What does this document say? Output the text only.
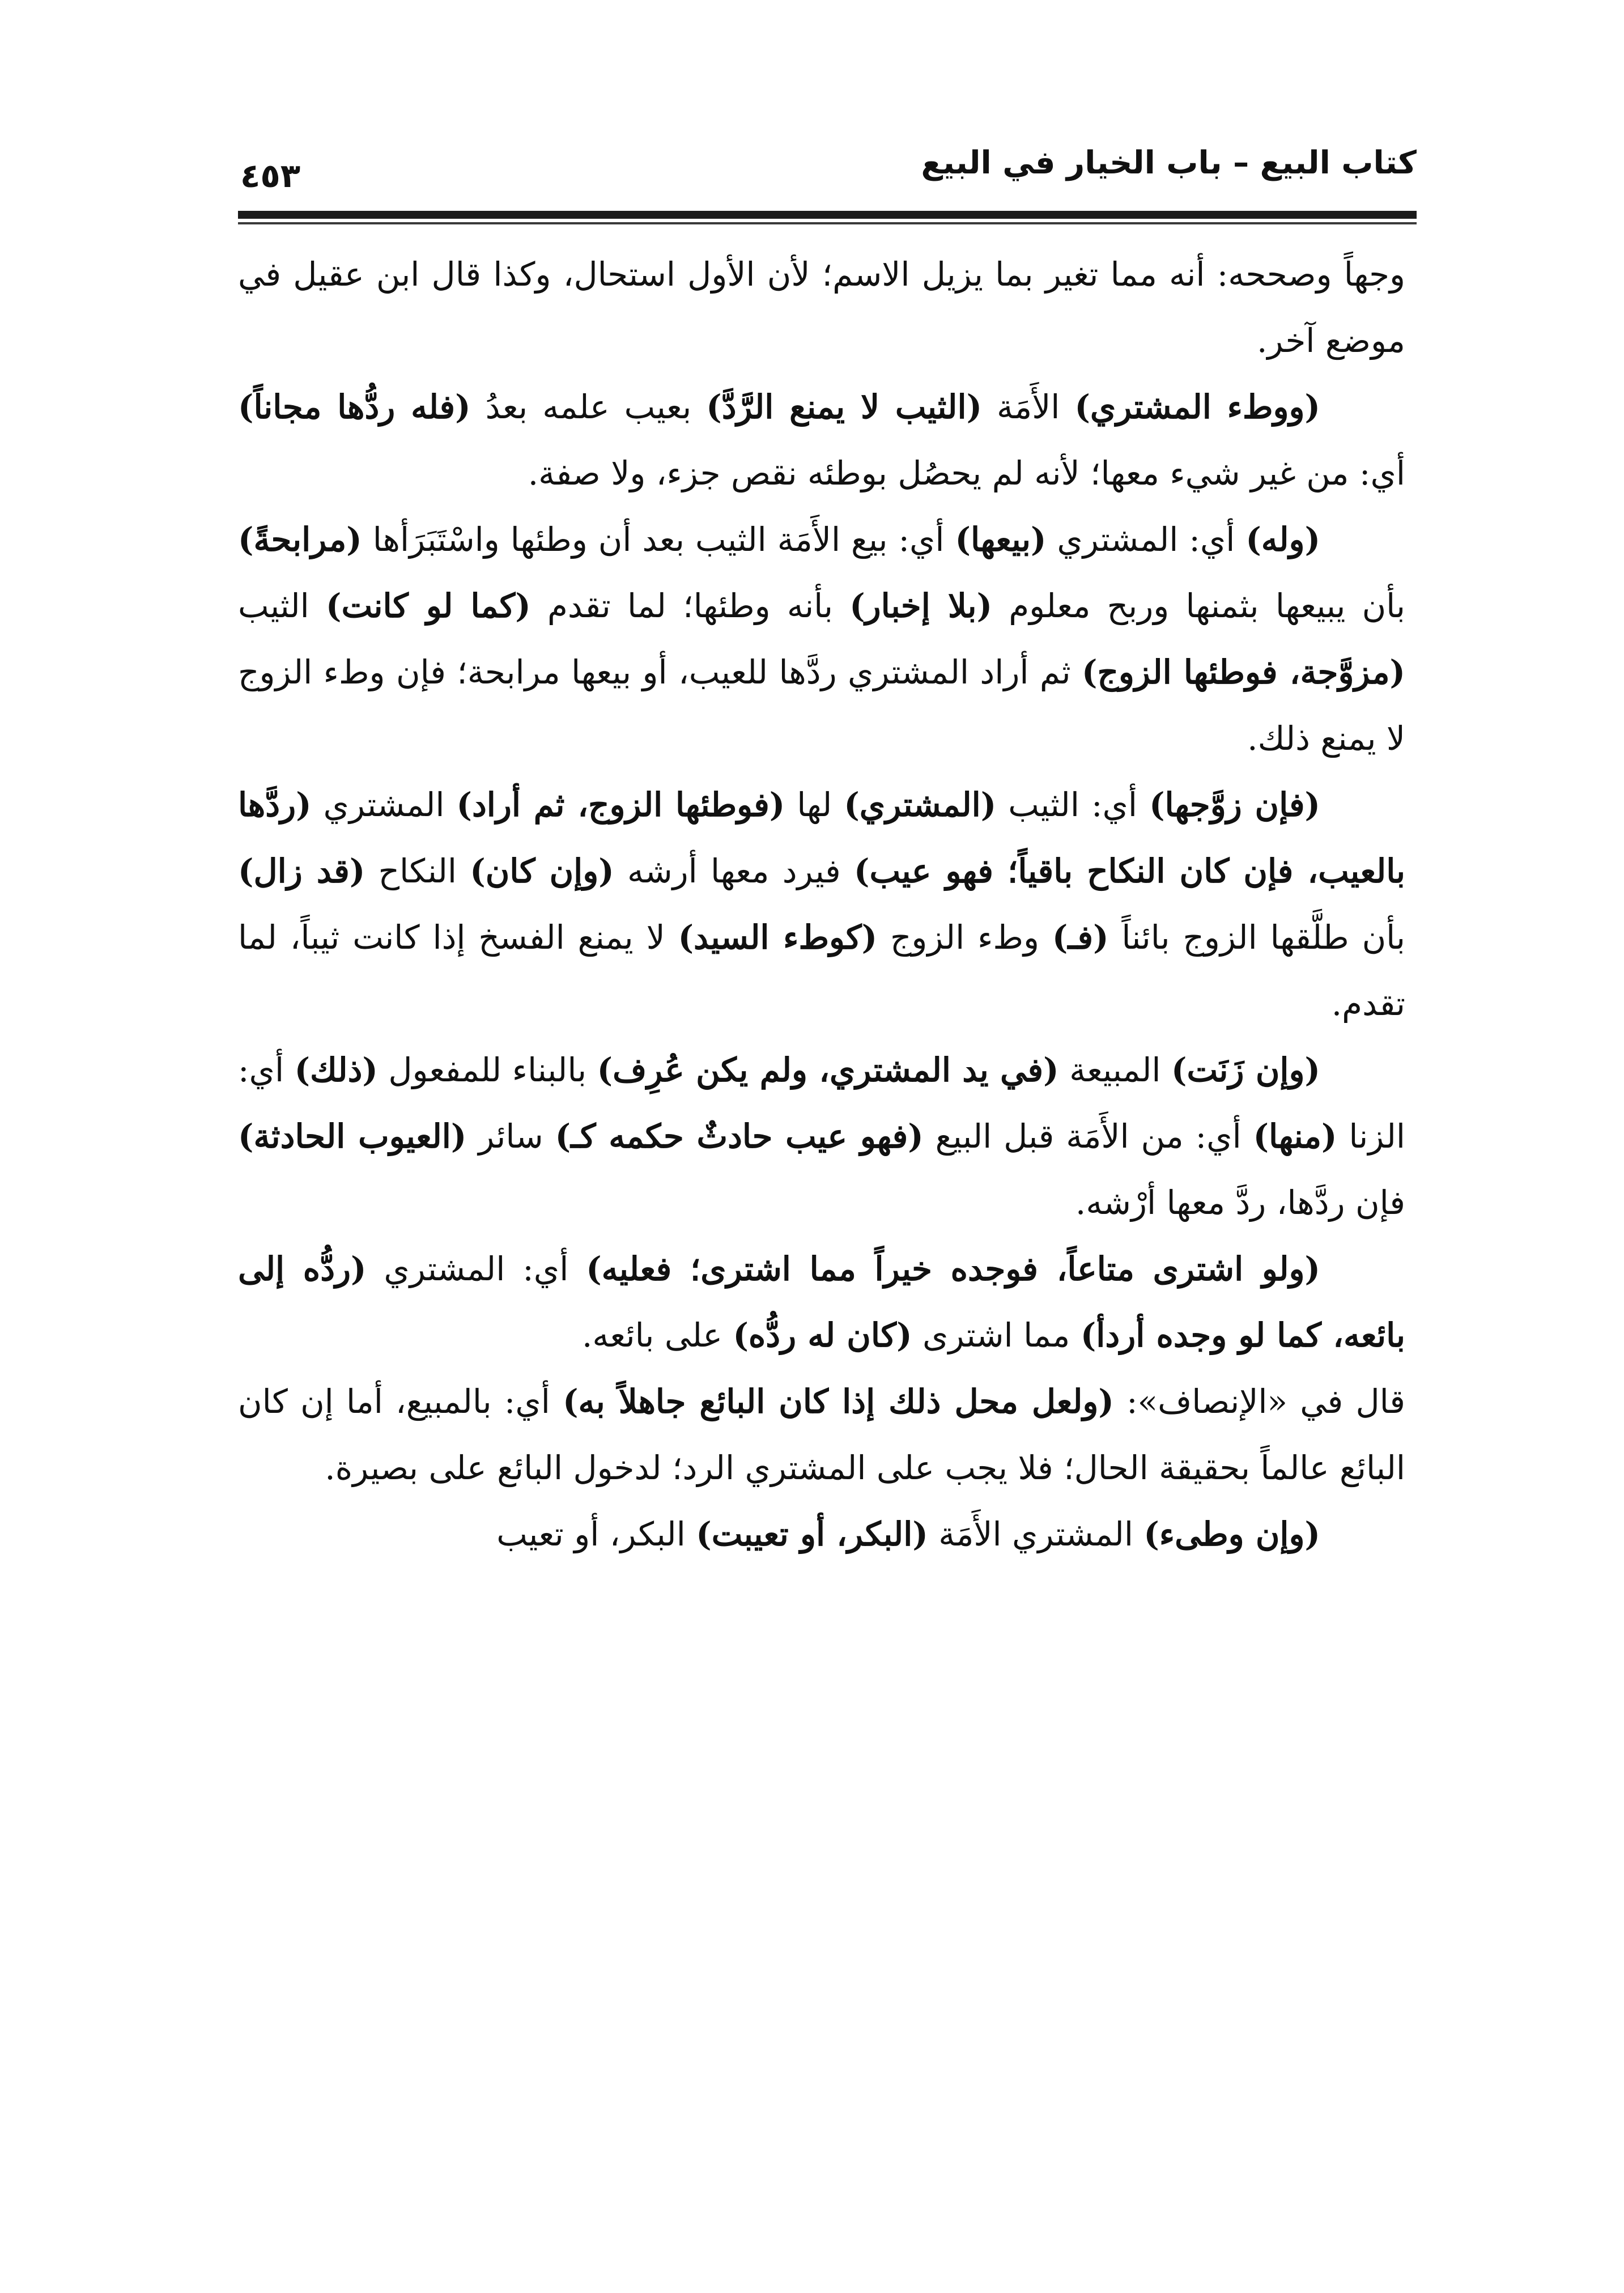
كتاب البيع – باب الخيار في البيع
٤٥٣

وجهاً وصححه: أنه مما تغير بما يزيل الاسم؛ لأن الأول استحال، وكذا قال ابن عقيل في موضع آخر.

(ووطء المشتري) الأَمَة (الثيب لا يمنع الرَّدَّ) بعيب علمه بعدُ (فله ردُّها مجاناً) أي: من غير شيء معها؛ لأنه لم يحصُل بوطئه نقص جزء، ولا صفة.

(وله) أي: المشتري (بيعها) أي: بيع الأَمَة الثيب بعد أن وطئها واسْتَبَرَأها (مرابحةً) بأن يبيعها بثمنها وربح معلوم (بلا إخبار) بأنه وطئها؛ لما تقدم (كما لو كانت) الثيب (مزوَّجة، فوطئها الزوج) ثم أراد المشتري ردَّها للعيب، أو بيعها مرابحة؛ فإن وطء الزوج لا يمنع ذلك.

(فإن زوَّجها) أي: الثيب (المشتري) لها (فوطئها الزوج، ثم أراد) المشتري (ردَّها بالعيب، فإن كان النكاح باقياً؛ فهو عيب) فيرد معها أرشه (وإن كان) النكاح (قد زال) بأن طلَّقها الزوج بائناً (فـ) وطء الزوج (كوطء السيد) لا يمنع الفسخ إذا كانت ثيباً، لما تقدم.

(وإن زَنَت) المبيعة (في يد المشتري، ولم يكن عُرِف) بالبناء للمفعول (ذلك) أي: الزنا (منها) أي: من الأَمَة قبل البيع (فهو عيب حادثٌ حكمه كـ) سائر (العيوب الحادثة) فإن ردَّها، ردَّ معها أرْشه.

(ولو اشترى متاعاً، فوجده خيراً مما اشترى؛ فعليه) أي: المشتري (ردُّه إلى بائعه، كما لو وجده أردأ) مما اشترى (كان له ردُّه) على بائعه.

قال في «الإنصاف»: (ولعل محل ذلك إذا كان البائع جاهلاً به) أي: بالمبيع، أما إن كان البائع عالماً بحقيقة الحال؛ فلا يجب على المشتري الرد؛ لدخول البائع على بصيرة.

(وإن وطىء) المشتري الأَمَة (البكر، أو تعيبت) البكر، أو تعيب
